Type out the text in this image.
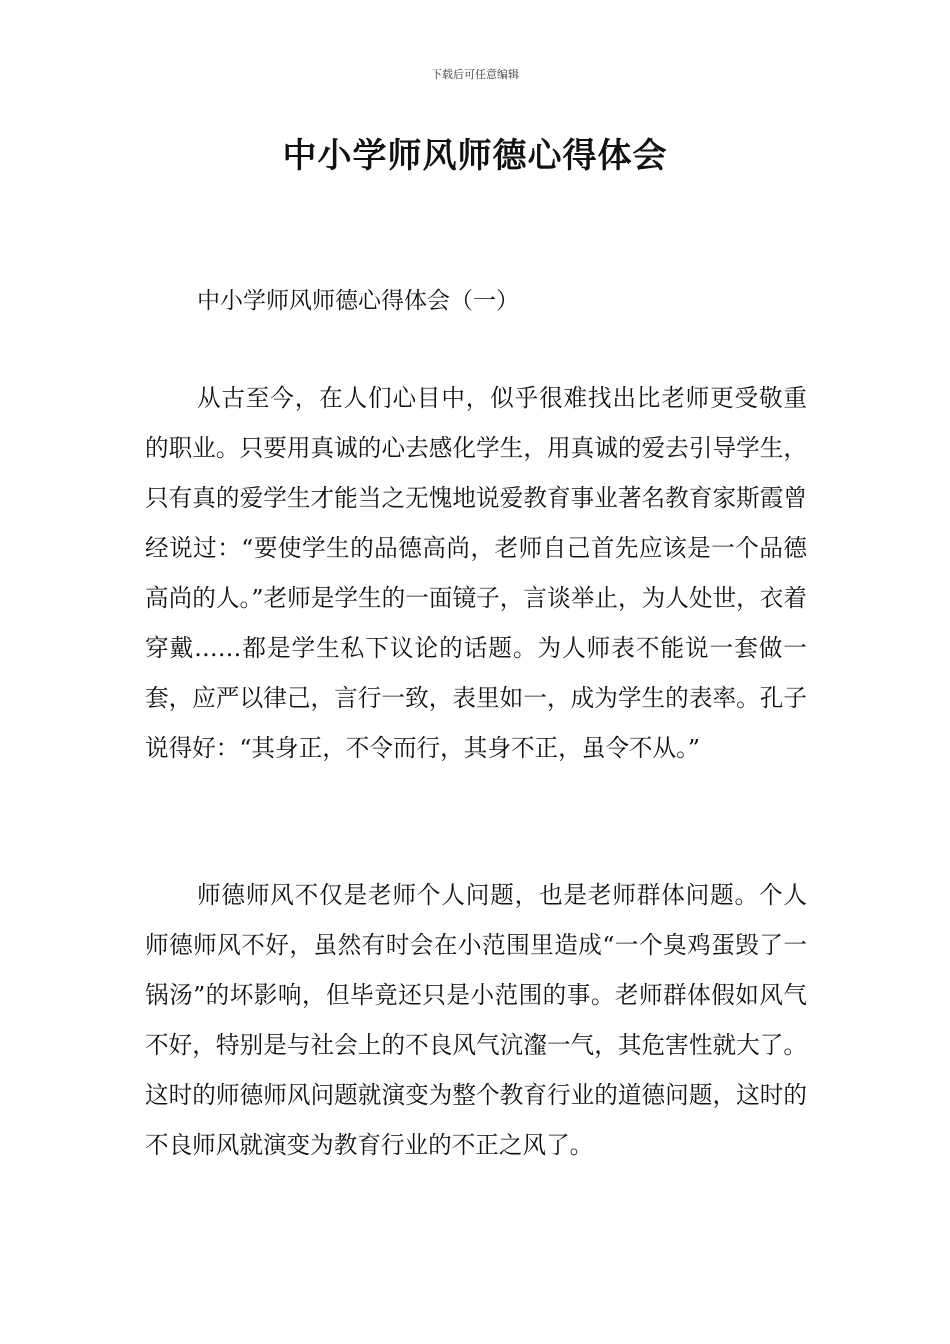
下载后可任意编辑
中小学师风师德心得体会
中小学师风师德心得体会（一）

从古至今，在人们心目中，似乎很难找出比老师更受敬重的职业。只要用真诚的心去感化学生，用真诚的爱去引导学生，只有真的爱学生才能当之无愧地说爱教育事业著名教育家斯霞曾经说过：“要使学生的品德高尚，老师自己首先应该是一个品德高尚的人。”老师是学生的一面镜子，言谈举止，为人处世，衣着穿戴……都是学生私下议论的话题。为人师表不能说一套做一套，应严以律己，言行一致，表里如一，成为学生的表率。孔子说得好：“其身正，不令而行，其身不正，虽令不从。”

师德师风不仅是老师个人问题，也是老师群体问题。个人师德师风不好，虽然有时会在小范围里造成“一个臭鸡蛋毁了一锅汤”的坏影响，但毕竟还只是小范围的事。老师群体假如风气不好，特别是与社会上的不良风气沆瀣一气，其危害性就大了。这时的师德师风问题就演变为整个教育行业的道德问题，这时的不良师风就演变为教育行业的不正之风了。
